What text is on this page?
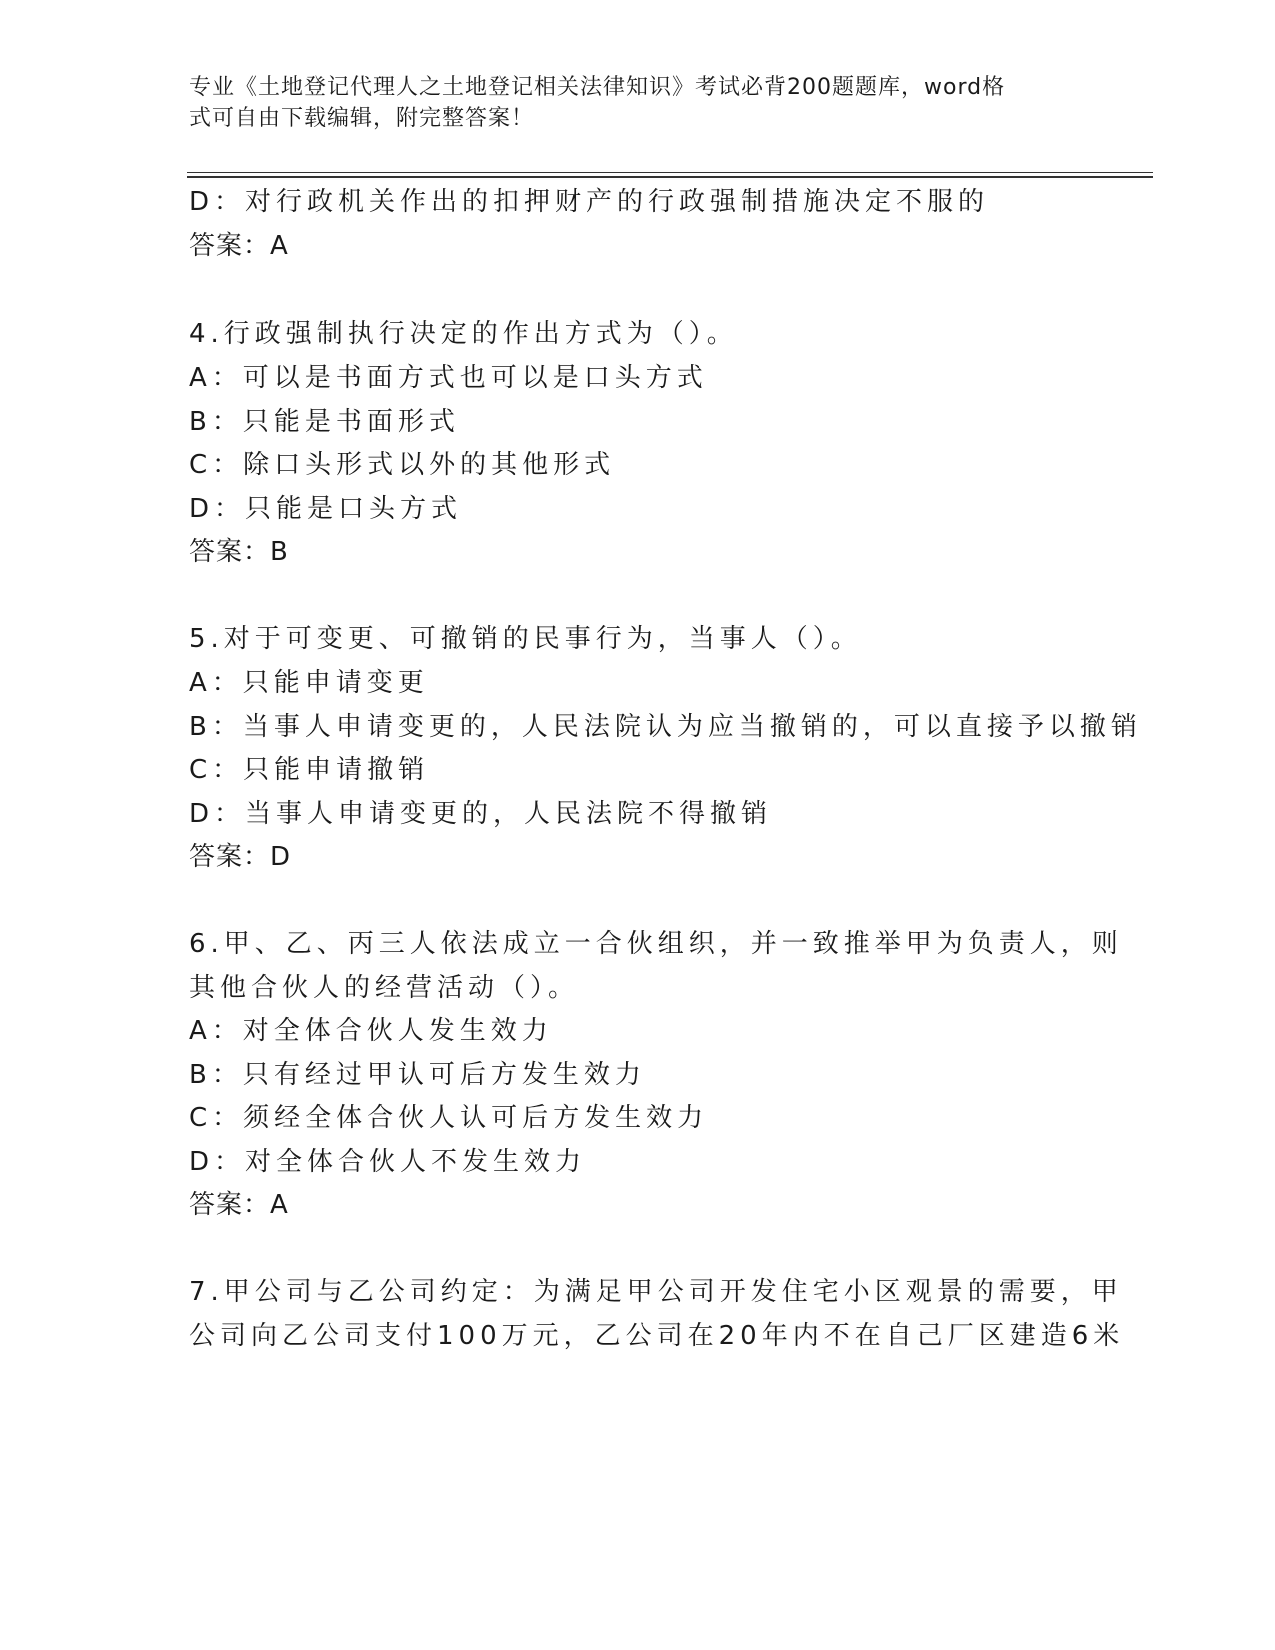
专业《土地登记代理人之土地登记相关法律知识》考试必背200题题库，word格
式可自由下载编辑，附完整答案！
D：对行政机关作出的扣押财产的行政强制措施决定不服的
答案：A
4.行政强制执行决定的作出方式为（）。
A：可以是书面方式也可以是口头方式
B：只能是书面形式
C：除口头形式以外的其他形式
D：只能是口头方式
答案：B
5.对于可变更、可撤销的民事行为，当事人（）。
A：只能申请变更
B：当事人申请变更的，人民法院认为应当撤销的，可以直接予以撤销
C：只能申请撤销
D：当事人申请变更的，人民法院不得撤销
答案：D
6.甲、乙、丙三人依法成立一合伙组织，并一致推举甲为负责人，则
其他合伙人的经营活动（）。
A：对全体合伙人发生效力
B：只有经过甲认可后方发生效力
C：须经全体合伙人认可后方发生效力
D：对全体合伙人不发生效力
答案：A
7.甲公司与乙公司约定：为满足甲公司开发住宅小区观景的需要，甲
公司向乙公司支付100万元，乙公司在20年内不在自己厂区建造6米
